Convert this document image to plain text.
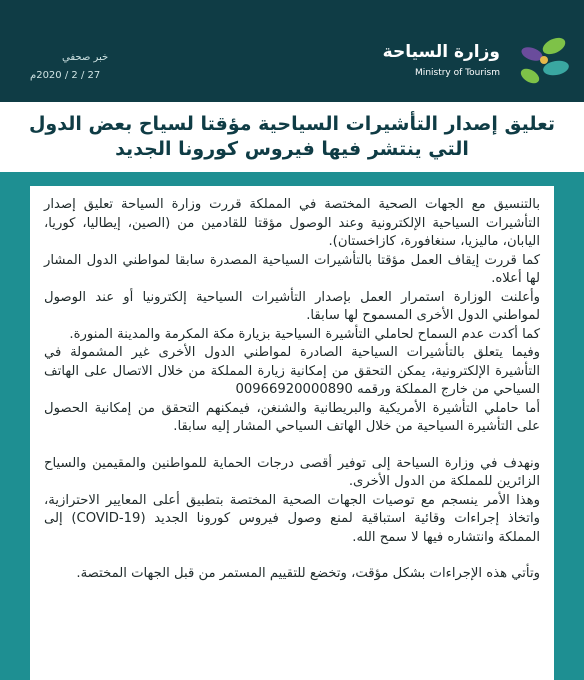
وزارة السياحة
Ministry of Tourism
خبر صحفي
27 / 2 / 2020م
تعليق إصدار التأشيرات السياحية مؤقتا لسياح بعض الدول التي ينتشر فيها فيروس كورونا الجديد

بالتنسيق مع الجهات الصحية المختصة في المملكة قررت وزارة السياحة تعليق إصدار التأشيرات السياحية الإلكترونية وعند الوصول مؤقتا للقادمين من (الصين، إيطاليا، كوريا، اليابان، ماليزيا، سنغافورة، كازاخستان).

كما قررت إيقاف العمل مؤقتا بالتأشيرات السياحية المصدرة سابقا لمواطني الدول المشار لها أعلاه.

وأعلنت الوزارة استمرار العمل بإصدار التأشيرات السياحية إلكترونيا أو عند الوصول لمواطني الدول الأخرى المسموح لها سابقا.

كما أكدت عدم السماح لحاملي التأشيرة السياحية بزيارة مكة المكرمة والمدينة المنورة.

وفيما يتعلق بالتأشيرات السياحية الصادرة لمواطني الدول الأخرى غير المشمولة في التأشيرة الإلكترونية، يمكن التحقق من إمكانية زيارة المملكة من خلال الاتصال على الهاتف السياحي من خارج المملكة ورقمه 00966920000890

أما حاملي التأشيرة الأمريكية والبريطانية والشنغن، فيمكنهم التحقق من إمكانية الحصول على التأشيرة السياحية من خلال الهاتف السياحي المشار إليه سابقا.

ونهدف في وزارة السياحة إلى توفير أقصى درجات الحماية للمواطنين والمقيمين والسياح الزائرين للمملكة من الدول الأخرى.

وهذا الأمر ينسجم مع توصيات الجهات الصحية المختصة بتطبيق أعلى المعايير الاحترازية، واتخاذ إجراءات وقائية استباقية لمنع وصول فيروس كورونا الجديد (COVID-19) إلى المملكة وانتشاره فيها لا سمح الله.

وتأتي هذه الإجراءات بشكل مؤقت، وتخضع للتقييم المستمر من قبل الجهات المختصة.
